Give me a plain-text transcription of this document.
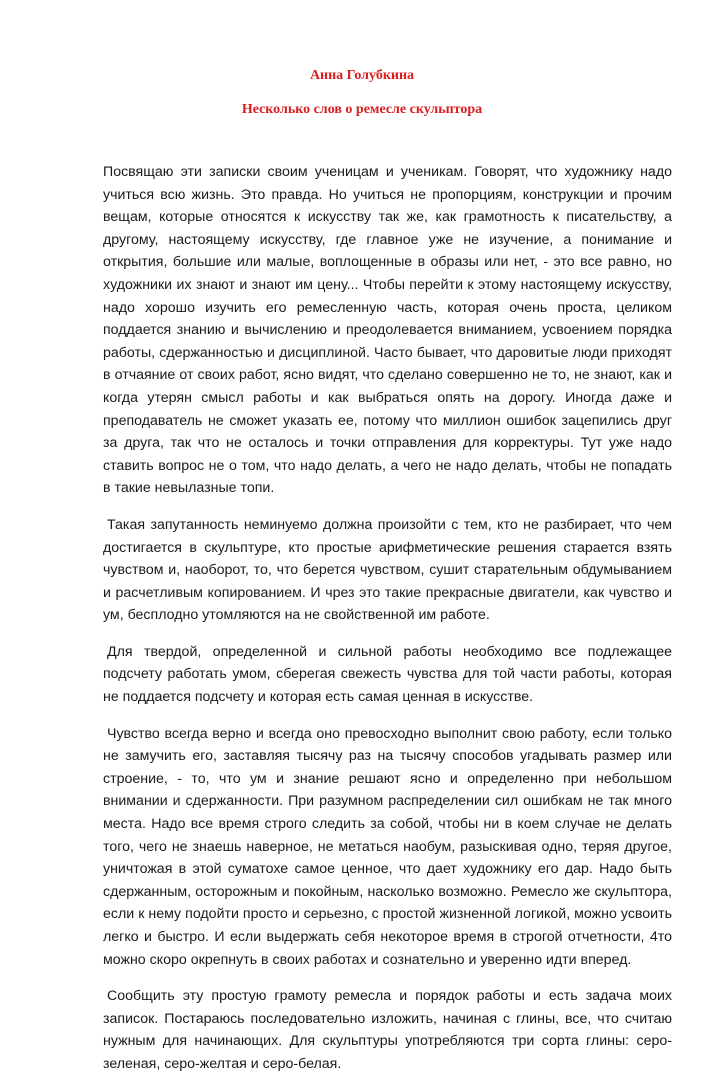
Анна Голубкина
Несколько слов о ремесле скульптора

Посвящаю эти записки своим ученицам и ученикам. Говорят, что художнику надо учиться всю жизнь. Это правда. Но учиться не пропорциям, конструкции и прочим вещам, которые относятся к искусству так же, как грамотность к писательству, а другому, настоящему искусству, где главное уже не изучение, а понимание и открытия, большие или малые, воплощенные в образы или нет, - это все равно, но художники их знают и знают им цену... Чтобы перейти к этому настоящему искусству, надо хорошо изучить его ремесленную часть, которая очень проста, целиком поддается знанию и вычислению и преодолевается вниманием, усвоением порядка работы, сдержанностью и дисциплиной. Часто бывает, что даровитые люди приходят в отчаяние от своих работ, ясно видят, что сделано совершенно не то, не знают, как и когда утерян смысл работы и как выбраться опять на дорогу. Иногда даже и преподаватель не сможет указать ее, потому что миллион ошибок зацепились друг за друга, так что не осталось и точки отправления для корректуры. Тут уже надо ставить вопрос не о том, что надо делать, а чего не надо делать, чтобы не попадать в такие невылазные топи.

Такая запутанность неминуемо должна произойти с тем, кто не разбирает, что чем достигается в скульптуре, кто простые арифметические решения старается взять чувством и, наоборот, то, что берется чувством, сушит старательным обдумыванием и расчетливым копированием. И чрез это такие прекрасные двигатели, как чувство и ум, бесплодно утомляются на не свойственной им работе.

Для твердой, определенной и сильной работы необходимо все подлежащее подсчету работать умом, сберегая свежесть чувства для той части работы, которая не поддается подсчету и которая есть самая ценная в искусстве.

Чувство всегда верно и всегда оно превосходно выполнит свою работу, если только не замучить его, заставляя тысячу раз на тысячу способов угадывать размер или строение, - то, что ум и знание решают ясно и определенно при небольшом внимании и сдержанности. При разумном распределении сил ошибкам не так много места. Надо все время строго следить за собой, чтобы ни в коем случае не делать того, чего не знаешь наверное, не метаться наобум, разыскивая одно, теряя другое, уничтожая в этой суматохе самое ценное, что дает художнику его дар. Надо быть сдержанным, осторожным и покойным, насколько возможно. Ремесло же скульптора, если к нему подойти просто и серьезно, с простой жизненной логикой, можно усвоить легко и быстро. И если выдержать себя некоторое время в строгой отчетности, 4то можно скоро окрепнуть в своих работах и сознательно и уверенно идти вперед.

Сообщить эту простую грамоту ремесла и порядок работы и есть задача моих записок. Постараюсь последовательно изложить, начиная с глины, все, что считаю нужным для начинающих. Для скульптуры употребляются три сорта глины: серо-зеленая, серо-желтая и серо-белая.
